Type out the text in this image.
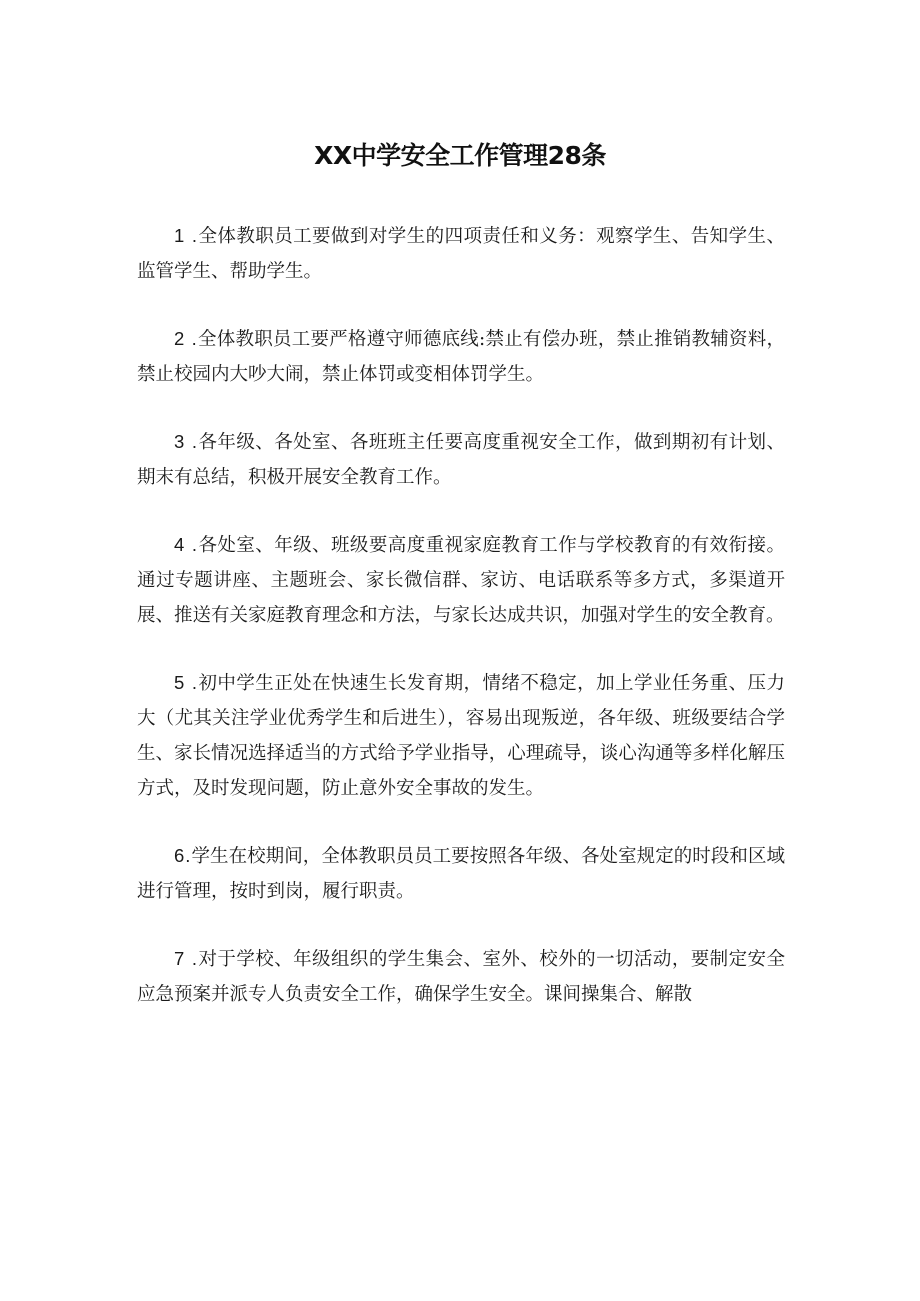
XX中学安全工作管理28条

1 .全体教职员工要做到对学生的四项责任和义务：观察学生、告知学生、监管学生、帮助学生。

2 .全体教职员工要严格遵守师德底线:禁止有偿办班，禁止推销教辅资料，禁止校园内大吵大闹，禁止体罚或变相体罚学生。

3 .各年级、各处室、各班班主任要高度重视安全工作，做到期初有计划、期末有总结，积极开展安全教育工作。

4 .各处室、年级、班级要高度重视家庭教育工作与学校教育的有效衔接。通过专题讲座、主题班会、家长微信群、家访、电话联系等多方式，多渠道开展、推送有关家庭教育理念和方法，与家长达成共识，加强对学生的安全教育。

5 .初中学生正处在快速生长发育期，情绪不稳定，加上学业任务重、压力大（尤其关注学业优秀学生和后进生），容易出现叛逆，各年级、班级要结合学生、家长情况选择适当的方式给予学业指导，心理疏导，谈心沟通等多样化解压方式，及时发现问题，防止意外安全事故的发生。

6.学生在校期间，全体教职员员工要按照各年级、各处室规定的时段和区域进行管理，按时到岗，履行职责。

7 .对于学校、年级组织的学生集会、室外、校外的一切活动，要制定安全应急预案并派专人负责安全工作，确保学生安全。课间操集合、解散
